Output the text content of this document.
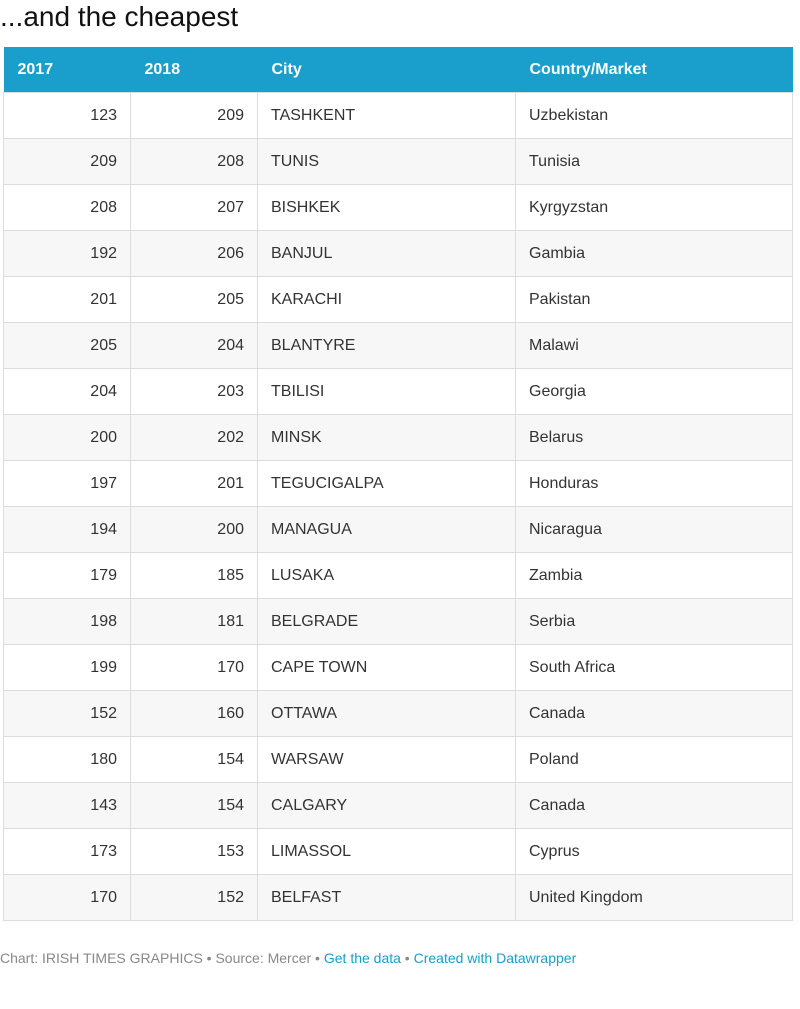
...and the cheapest
2017	2018	City	Country/Market
123	209	TASHKENT	Uzbekistan
209	208	TUNIS	Tunisia
208	207	BISHKEK	Kyrgyzstan
192	206	BANJUL	Gambia
201	205	KARACHI	Pakistan
205	204	BLANTYRE	Malawi
204	203	TBILISI	Georgia
200	202	MINSK	Belarus
197	201	TEGUCIGALPA	Honduras
194	200	MANAGUA	Nicaragua
179	185	LUSAKA	Zambia
198	181	BELGRADE	Serbia
199	170	CAPE TOWN	South Africa
152	160	OTTAWA	Canada
180	154	WARSAW	Poland
143	154	CALGARY	Canada
173	153	LIMASSOL	Cyprus
170	152	BELFAST	United Kingdom
Chart: IRISH TIMES GRAPHICS • Source: Mercer • Get the data • Created with Datawrapper
